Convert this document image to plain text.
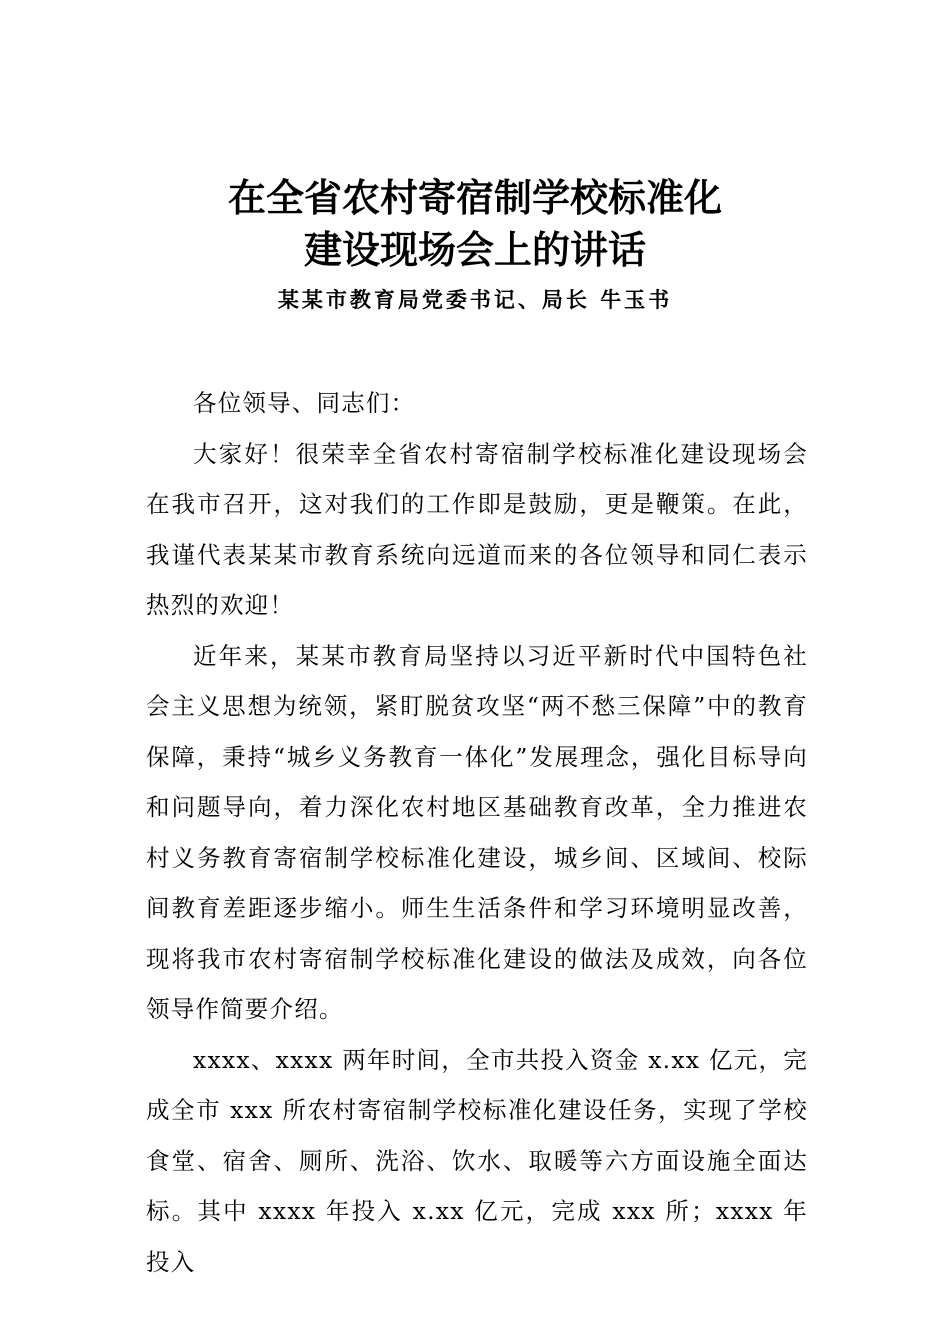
在全省农村寄宿制学校标准化
建设现场会上的讲话
某某市教育局党委书记、局长 牛玉书

各位领导、同志们：

大家好！很荣幸全省农村寄宿制学校标准化建设现场会在我市召开，这对我们的工作即是鼓励，更是鞭策。在此，我谨代表某某市教育系统向远道而来的各位领导和同仁表示热烈的欢迎！

近年来，某某市教育局坚持以习近平新时代中国特色社会主义思想为统领，紧盯脱贫攻坚“两不愁三保障”中的教育保障，秉持“城乡义务教育一体化”发展理念，强化目标导向和问题导向，着力深化农村地区基础教育改革，全力推进农村义务教育寄宿制学校标准化建设，城乡间、区域间、校际间教育差距逐步缩小。师生生活条件和学习环境明显改善，现将我市农村寄宿制学校标准化建设的做法及成效，向各位领导作简要介绍。

xxxx、xxxx 两年时间，全市共投入资金 x.xx 亿元，完成全市 xxx 所农村寄宿制学校标准化建设任务，实现了学校食堂、宿舍、厕所、洗浴、饮水、取暖等六方面设施全面达标。其中 xxxx 年投入 x.xx 亿元，完成 xxx 所；xxxx 年投入
